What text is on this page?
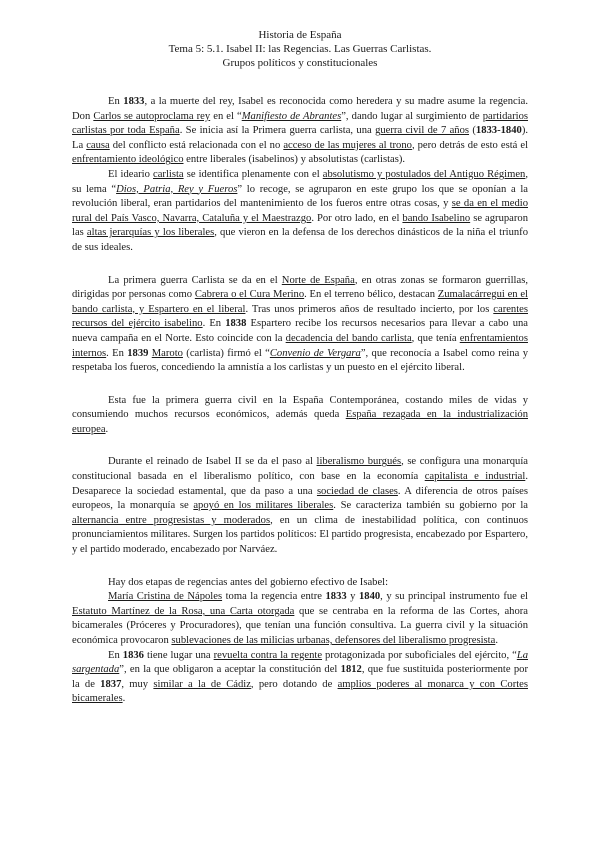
Historia de España
Tema 5: 5.1. Isabel II: las Regencias. Las Guerras Carlistas.
Grupos políticos y constitucionales

En 1833, a la muerte del rey, Isabel es reconocida como heredera y su madre asume la regencia. Don Carlos se autoproclama rey en el “Manifiesto de Abrantes”, dando lugar al surgimiento de partidarios carlistas por toda España. Se inicia así la Primera guerra carlista, una guerra civil de 7 años (1833-1840). La causa del conflicto está relacionada con el no acceso de las mujeres al trono, pero detrás de esto está el enfrentamiento ideológico entre liberales (isabelinos) y absolutistas (carlistas).

El ideario carlista se identifica plenamente con el absolutismo y postulados del Antiguo Régimen, su lema “Dios, Patria, Rey y Fueros” lo recoge, se agruparon en este grupo los que se oponían a la revolución liberal, eran partidarios del mantenimiento de los fueros entre otras cosas, y se da en el medio rural del País Vasco, Navarra, Cataluña y el Maestrazgo. Por otro lado, en el bando Isabelino se agruparon las altas jerarquías y los liberales, que vieron en la defensa de los derechos dinásticos de la niña el triunfo de sus ideales.

La primera guerra Carlista se da en el Norte de España, en otras zonas se formaron guerrillas, dirigidas por personas como Cabrera o el Cura Merino. En el terreno bélico, destacan Zumalacárregui en el bando carlista, y Espartero en el liberal. Tras unos primeros años de resultado incierto, por los carentes recursos del ejército isabelino. En 1838 Espartero recibe los recursos necesarios para llevar a cabo una nueva campaña en el Norte. Esto coincide con la decadencia del bando carlista, que tenía enfrentamientos internos. En 1839 Maroto (carlista) firmó el “Convenio de Vergara”, que reconocía a Isabel como reina y respetaba los fueros, concediendo la amnistía a los carlistas y un puesto en el ejército liberal.

Esta fue la primera guerra civil en la España Contemporánea, costando miles de vidas y consumiendo muchos recursos económicos, además queda España rezagada en la industrialización europea.

Durante el reinado de Isabel II se da el paso al liberalismo burgués, se configura una monarquía constitucional basada en el liberalismo político, con base en la economía capitalista e industrial. Desaparece la sociedad estamental, que da paso a una sociedad de clases. A diferencia de otros países europeos, la monarquía se apoyó en los militares liberales. Se caracteriza también su gobierno por la alternancia entre progresistas y moderados, en un clima de inestabilidad política, con continuos pronunciamientos militares. Surgen los partidos políticos: El partido progresista, encabezado por Espartero, y el partido moderado, encabezado por Narváez.

Hay dos etapas de regencias antes del gobierno efectivo de Isabel:

María Cristina de Nápoles toma la regencia entre 1833 y 1840, y su principal instrumento fue el Estatuto Martínez de la Rosa, una Carta otorgada que se centraba en la reforma de las Cortes, ahora bicamerales (Próceres y Procuradores), que tenían una función consultiva. La guerra civil y la situación económica provocaron sublevaciones de las milicias urbanas, defensores del liberalismo progresista.

En 1836 tiene lugar una revuelta contra la regente protagonizada por suboficiales del ejército, “La sargentada”, en la que obligaron a aceptar la constitución del 1812, que fue sustituida posteriormente por la de 1837, muy similar a la de Cádiz, pero dotando de amplios poderes al monarca y con Cortes bicamerales.
